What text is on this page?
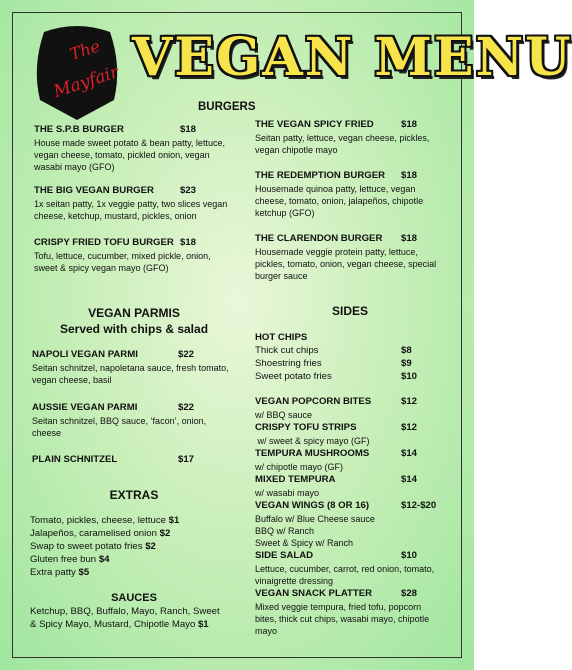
The
Mayfair VEGAN MENU
BURGERS
THE S.P.B BURGER	$18
House made sweet potato & bean patty, lettuce, vegan cheese, tomato, pickled onion, vegan wasabi mayo (GFO)
THE BIG VEGAN BURGER	$23
1x seitan patty, 1x veggie patty, two slices vegan cheese, ketchup, mustard, pickles, onion
CRISPY FRIED TOFU BURGER $18
Tofu, lettuce, cucumber, mixed pickle, onion, sweet & spicy vegan mayo (GFO)
THE VEGAN SPICY FRIED	$18
Seitan patty, lettuce, vegan cheese, pickles, vegan chipotle mayo
THE REDEMPTION BURGER $18
Housemade quinoa patty, lettuce, vegan cheese, tomato, onion, jalapeños, chipotle ketchup (GFO)
THE CLARENDON BURGER $18
Housemade veggie protein patty, lettuce, pickles, tomato, onion, vegan cheese, special burger sauce
VEGAN PARMIS
Served with chips & salad
NAPOLI VEGAN PARMI	$22
Seitan schnitzel, napoletana sauce, fresh tomato, vegan cheese, basil
AUSSIE VEGAN PARMI	$22
Seitan schnitzel, BBQ sauce, ‘facon’, onion, cheese
PLAIN SCHNITZEL	$17
EXTRAS
Tomato, pickles, cheese, lettuce $1
Jalapeños, caramelised onion $2
Swap to sweet potato fries $2
Gluten free bun $4
Extra patty $5
SAUCES
Ketchup, BBQ, Buffalo, Mayo, Ranch, Sweet
& Spicy Mayo, Mustard, Chipotle Mayo $1
SIDES
HOT CHIPS
Thick cut chips	$8
Shoestring fries	$9
Sweet potato fries	$10
VEGAN POPCORN BITES	$12
w/ BBQ sauce
CRISPY TOFU STRIPS	$12
w/ sweet & spicy mayo (GF)
TEMPURA MUSHROOMS	$14
w/ chipotle mayo (GF)
MIXED TEMPURA	$14
w/ wasabi mayo
VEGAN WINGS (8 OR 16)	$12-$20
Buffalo w/ Blue Cheese sauce
BBQ w/ Ranch
Sweet & Spicy w/ Ranch
SIDE SALAD	$10
Lettuce, cucumber, carrot, red onion, tomato, vinaigrette dressing
VEGAN SNACK PLATTER	$28
Mixed veggie tempura, fried tofu, popcorn bites, thick cut chips, wasabi mayo, chipotle mayo
